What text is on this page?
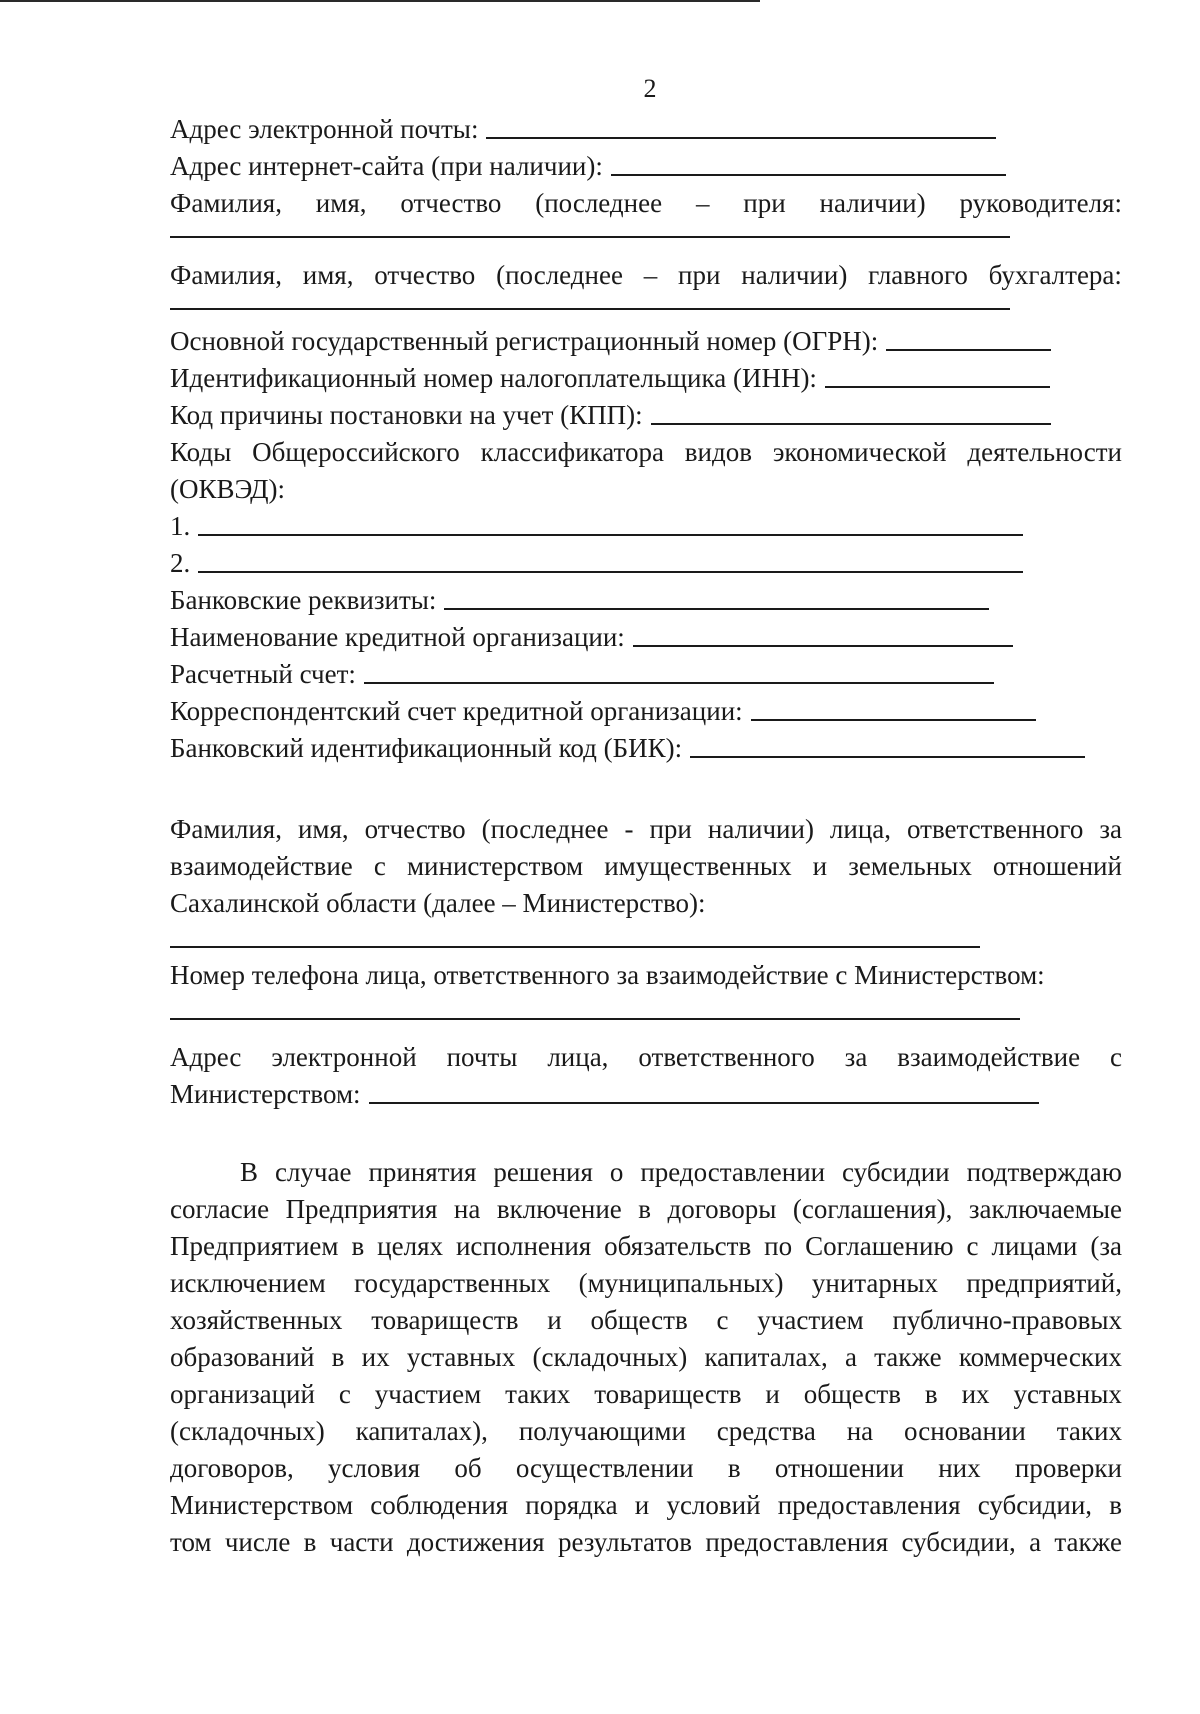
2
Адрес электронной почты:
Адрес интернет-сайта (при наличии):
Фамилия, имя, отчество (последнее – при наличии) руководителя:
Фамилия, имя, отчество (последнее – при наличии) главного бухгалтера:
Основной государственный регистрационный номер (ОГРН):
Идентификационный номер налогоплательщика (ИНН):
Код причины постановки на учет (КПП):
Коды Общероссийского классификатора видов экономической деятельности
(ОКВЭД):
1.
2.
Банковские реквизиты:
Наименование кредитной организации:
Расчетный счет:
Корреспондентский счет кредитной организации:
Банковский идентификационный код (БИК):
Фамилия, имя, отчество (последнее - при наличии) лица, ответственного за
взаимодействие с министерством имущественных и земельных отношений
Сахалинской области (далее – Министерство):
Номер телефона лица, ответственного за взаимодействие с Министерством:
Адрес электронной почты лица, ответственного за взаимодействие с
Министерством:
В случае принятия решения о предоставлении субсидии подтверждаю
согласие Предприятия на включение в договоры (соглашения), заключаемые
Предприятием в целях исполнения обязательств по Соглашению с лицами (за
исключением государственных (муниципальных) унитарных предприятий,
хозяйственных товариществ и обществ с участием публично-правовых
образований в их уставных (складочных) капиталах, а также коммерческих
организаций с участием таких товариществ и обществ в их уставных
(складочных) капиталах), получающими средства на основании таких
договоров, условия об осуществлении в отношении них проверки
Министерством соблюдения порядка и условий предоставления субсидии, в
том числе в части достижения результатов предоставления субсидии, а также
